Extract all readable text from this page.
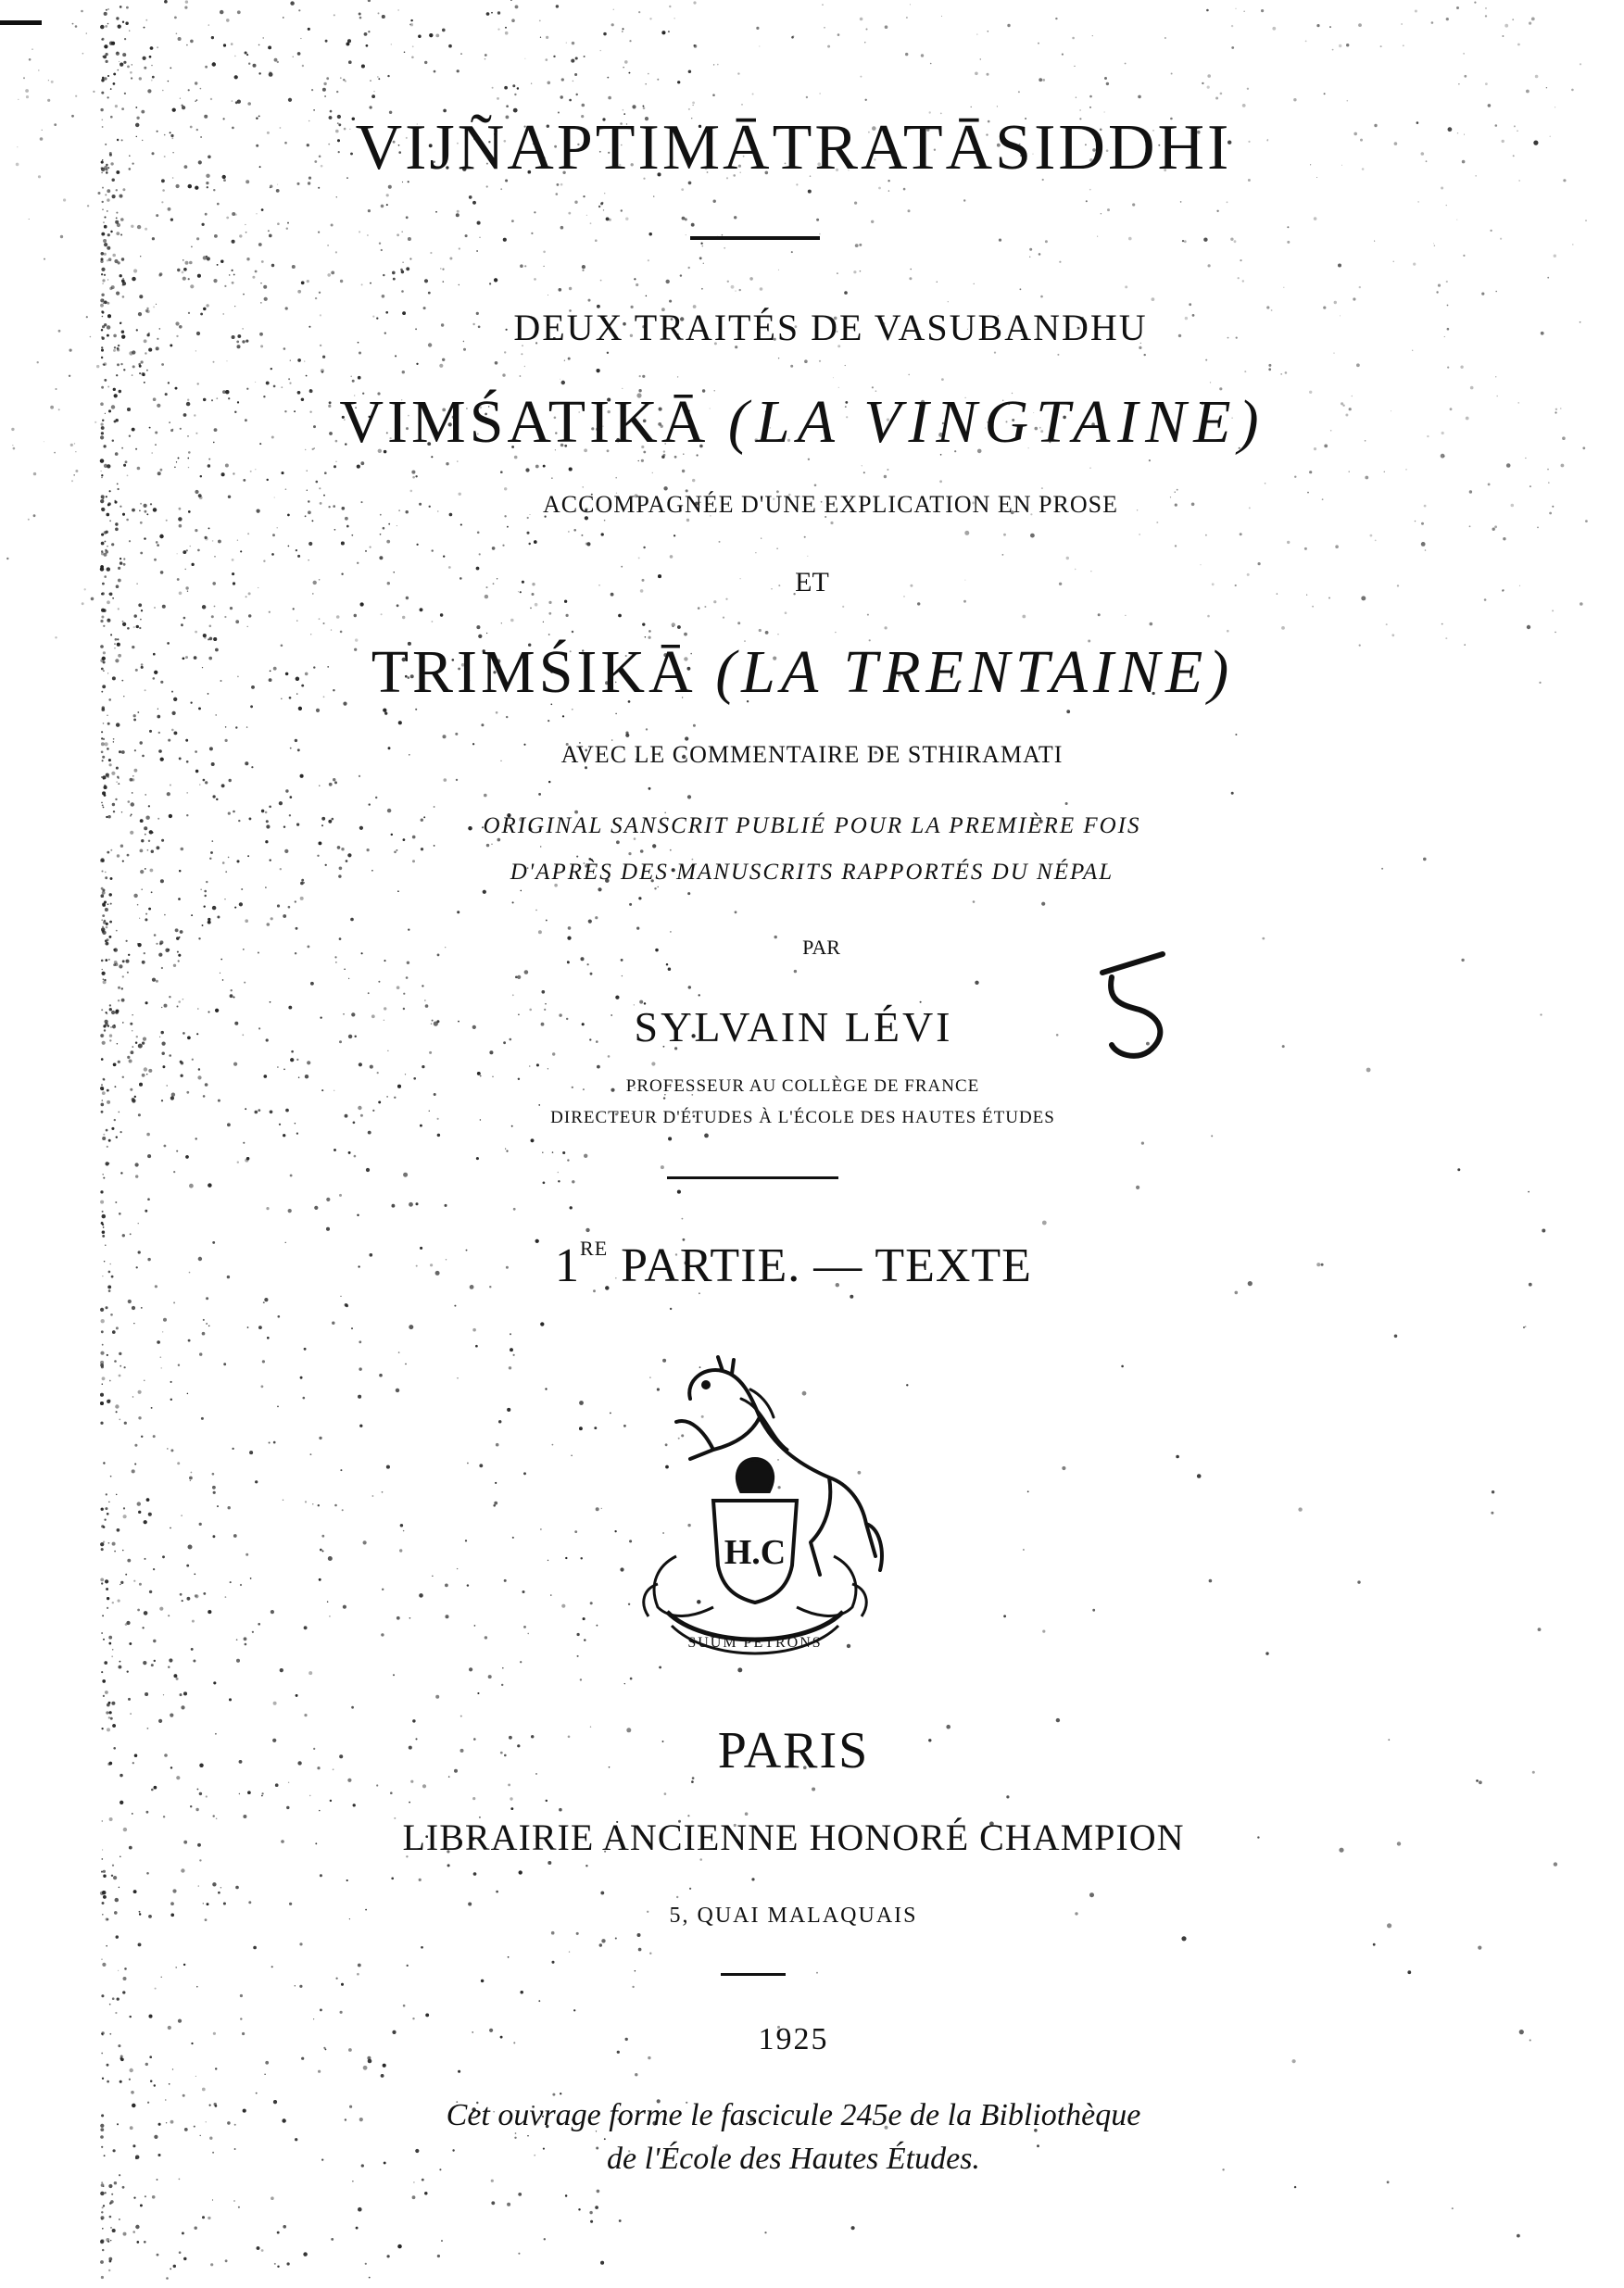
VIJÑAPTIMĀTRATĀSIDDHI
DEUX TRAITÉS DE VASUBANDHU
VIMŚATIKĀ (LA VINGTAINE)
ACCOMPAGNÉE D'UNE EXPLICATION EN PROSE
ET
TRIMŚIKĀ (LA TRENTAINE)
AVEC LE COMMENTAIRE DE STHIRAMATI
ORIGINAL SANSCRIT PUBLIÉ POUR LA PREMIÈRE FOIS
D'APRÈS DES MANUSCRITS RAPPORTÉS DU NÉPAL
PAR
SYLVAIN LÉVI
PROFESSEUR AU COLLÈGE DE FRANCE
DIRECTEUR D'ÉTUDES À L'ÉCOLE DES HAUTES ÉTUDES
1RE PARTIE. — TEXTE
H.C
SUUM PETRONS
PARIS
LIBRAIRIE ANCIENNE HONORÉ CHAMPION
5, QUAI MALAQUAIS
1925
Cet ouvrage forme le fascicule 245e de la Bibliothèque
de l'École des Hautes Études.
5
